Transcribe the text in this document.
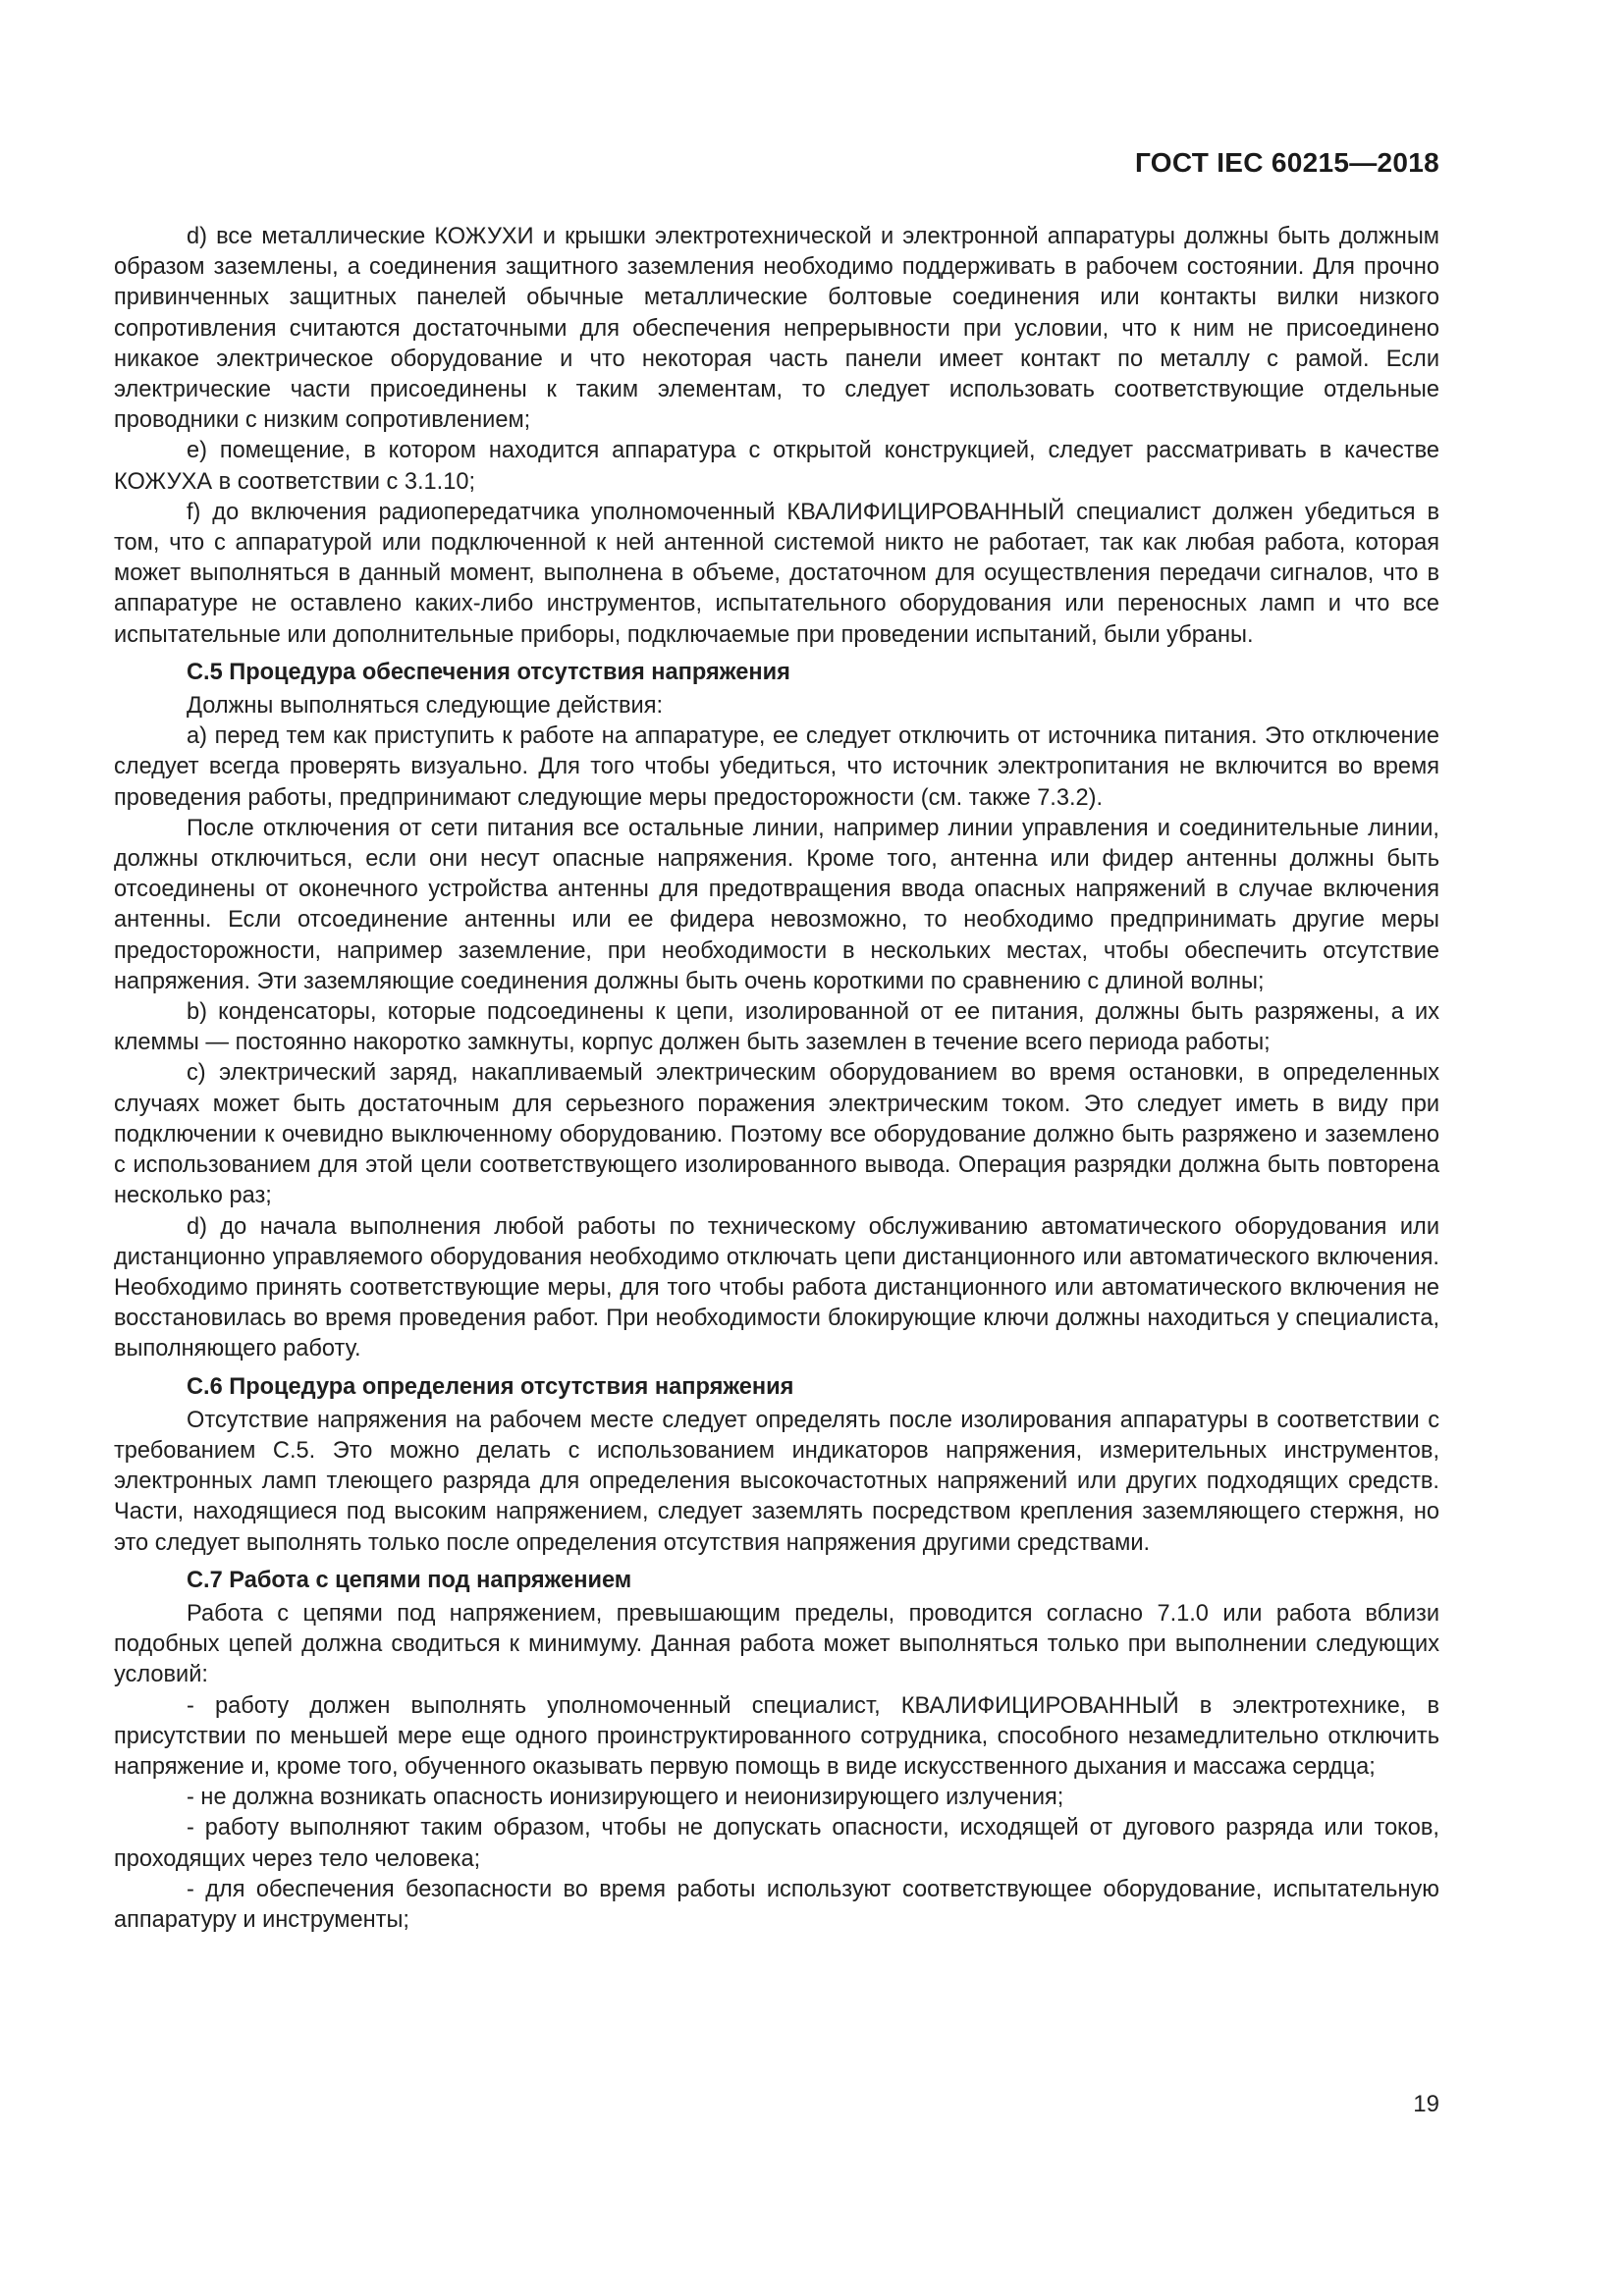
ГОСТ IEC 60215—2018

d) все металлические КОЖУХИ и крышки электротехнической и электронной аппаратуры должны быть должным образом заземлены, а соединения защитного заземления необходимо поддерживать в рабочем состоянии. Для прочно привинченных защитных панелей обычные металлические болтовые соединения или контакты вилки низкого сопротивления считаются достаточными для обеспечения непрерывности при условии, что к ним не присоединено никакое электрическое оборудование и что некоторая часть панели имеет контакт по металлу с рамой. Если электрические части присоединены к таким элементам, то следует использовать соответствующие отдельные проводники с низким сопротивлением;

e) помещение, в котором находится аппаратура с открытой конструкцией, следует рассматривать в качестве КОЖУХА в соответствии с 3.1.10;

f) до включения радиопередатчика уполномоченный КВАЛИФИЦИРОВАННЫЙ специалист должен убедиться в том, что с аппаратурой или подключенной к ней антенной системой никто не работает, так как любая работа, которая может выполняться в данный момент, выполнена в объеме, достаточном для осуществления передачи сигналов, что в аппаратуре не оставлено каких-либо инструментов, испытательного оборудования или переносных ламп и что все испытательные или дополнительные приборы, подключаемые при проведении испытаний, были убраны.

C.5 Процедура обеспечения отсутствия напряжения

Должны выполняться следующие действия:

a) перед тем как приступить к работе на аппаратуре, ее следует отключить от источника питания. Это отключение следует всегда проверять визуально. Для того чтобы убедиться, что источник электропитания не включится во время проведения работы, предпринимают следующие меры предосторожности (см. также 7.3.2).

После отключения от сети питания все остальные линии, например линии управления и соединительные линии, должны отключиться, если они несут опасные напряжения. Кроме того, антенна или фидер антенны должны быть отсоединены от оконечного устройства антенны для предотвращения ввода опасных напряжений в случае включения антенны. Если отсоединение антенны или ее фидера невозможно, то необходимо предпринимать другие меры предосторожности, например заземление, при необходимости в нескольких местах, чтобы обеспечить отсутствие напряжения. Эти заземляющие соединения должны быть очень короткими по сравнению с длиной волны;

b) конденсаторы, которые подсоединены к цепи, изолированной от ее питания, должны быть разряжены, а их клеммы — постоянно накоротко замкнуты, корпус должен быть заземлен в течение всего периода работы;

c) электрический заряд, накапливаемый электрическим оборудованием во время остановки, в определенных случаях может быть достаточным для серьезного поражения электрическим током. Это следует иметь в виду при подключении к очевидно выключенному оборудованию. Поэтому все оборудование должно быть разряжено и заземлено с использованием для этой цели соответствующего изолированного вывода. Операция разрядки должна быть повторена несколько раз;

d) до начала выполнения любой работы по техническому обслуживанию автоматического оборудования или дистанционно управляемого оборудования необходимо отключать цепи дистанционного или автоматического включения. Необходимо принять соответствующие меры, для того чтобы работа дистанционного или автоматического включения не восстановилась во время проведения работ. При необходимости блокирующие ключи должны находиться у специалиста, выполняющего работу.

C.6 Процедура определения отсутствия напряжения

Отсутствие напряжения на рабочем месте следует определять после изолирования аппаратуры в соответствии с требованием C.5. Это можно делать с использованием индикаторов напряжения, измерительных инструментов, электронных ламп тлеющего разряда для определения высокочастотных напряжений или других подходящих средств. Части, находящиеся под высоким напряжением, следует заземлять посредством крепления заземляющего стержня, но это следует выполнять только после определения отсутствия напряжения другими средствами.

C.7 Работа с цепями под напряжением

Работа с цепями под напряжением, превышающим пределы, проводится согласно 7.1.0 или работа вблизи подобных цепей должна сводиться к минимуму. Данная работа может выполняться только при выполнении следующих условий:

- работу должен выполнять уполномоченный специалист, КВАЛИФИЦИРОВАННЫЙ в электротехнике, в присутствии по меньшей мере еще одного проинструктированного сотрудника, способного незамедлительно отключить напряжение и, кроме того, обученного оказывать первую помощь в виде искусственного дыхания и массажа сердца;

- не должна возникать опасность ионизирующего и неионизирующего излучения;

- работу выполняют таким образом, чтобы не допускать опасности, исходящей от дугового разряда или токов, проходящих через тело человека;

- для обеспечения безопасности во время работы используют соответствующее оборудование, испытательную аппаратуру и инструменты;

19
